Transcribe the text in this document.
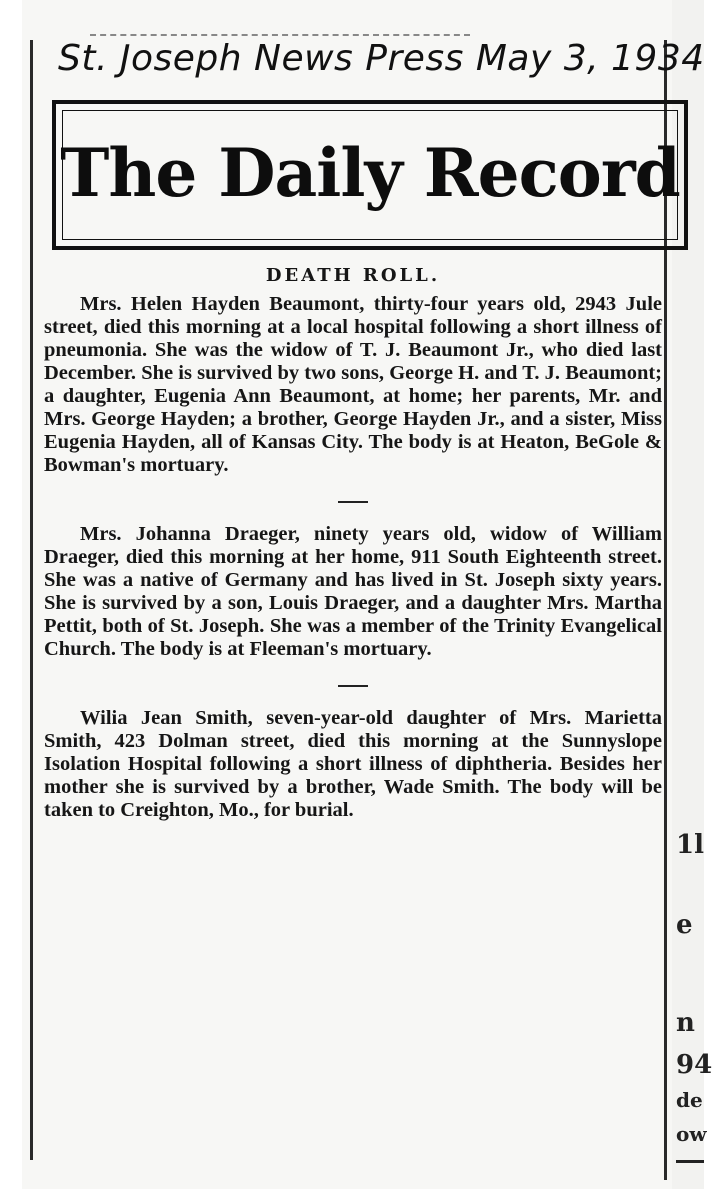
1l
e
n
94
de
ow
St. Joseph News Press May 3, 1934
The Daily Record
DEATH ROLL.

Mrs. Helen Hayden Beaumont, thirty-four years old, 2943 Jule street, died this morning at a local hospital following a short illness of pneumonia. She was the widow of T. J. Beaumont Jr., who died last December. She is survived by two sons, George H. and T. J. Beaumont; a daughter, Eugenia Ann Beaumont, at home; her parents, Mr. and Mrs. George Hayden; a brother, George Hayden Jr., and a sister, Miss Eugenia Hayden, all of Kansas City. The body is at Heaton, BeGole & Bowman's mortuary.

Mrs. Johanna Draeger, ninety years old, widow of William Draeger, died this morning at her home, 911 South Eighteenth street. She was a native of Germany and has lived in St. Joseph sixty years. She is survived by a son, Louis Draeger, and a daughter Mrs. Martha Pettit, both of St. Joseph. She was a member of the Trinity Evangelical Church. The body is at Fleeman's mortuary.

Wilia Jean Smith, seven-year-old daughter of Mrs. Marietta Smith, 423 Dolman street, died this morning at the Sunnyslope Isolation Hospital following a short illness of diphtheria. Besides her mother she is survived by a brother, Wade Smith. The body will be taken to Creighton, Mo., for burial.
